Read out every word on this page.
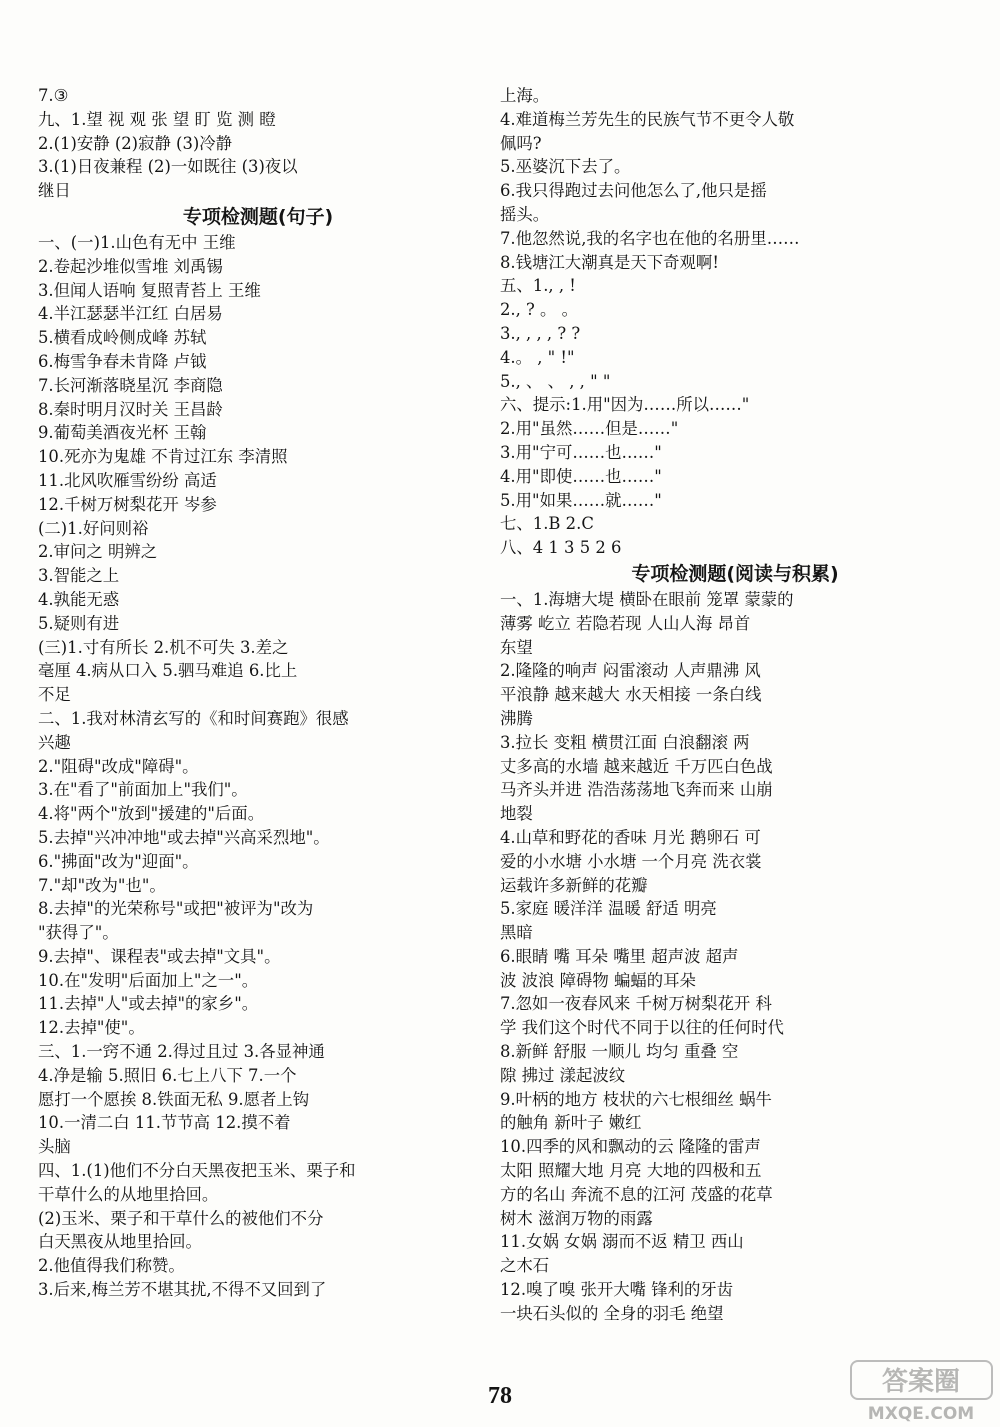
7.③
九、1.望 视 观 张 望 盯 览 测 瞪
2.(1)安静 (2)寂静 (3)冷静
3.(1)日夜兼程 (2)一如既往 (3)夜以
继日
专项检测题(句子)
一、(一)1.山色有无中 王维
2.卷起沙堆似雪堆 刘禹锡
3.但闻人语响 复照青苔上 王维
4.半江瑟瑟半江红 白居易
5.横看成岭侧成峰 苏轼
6.梅雪争春未肯降 卢钺
7.长河渐落晓星沉 李商隐
8.秦时明月汉时关 王昌龄
9.葡萄美酒夜光杯 王翰
10.死亦为鬼雄 不肯过江东 李清照
11.北风吹雁雪纷纷 高适
12.千树万树梨花开 岑参
(二)1.好问则裕
2.审问之 明辨之
3.智能之上
4.孰能无惑
5.疑则有进
(三)1.寸有所长 2.机不可失 3.差之
毫厘 4.病从口入 5.驷马难追 6.比上
不足
二、1.我对林清玄写的《和时间赛跑》很感
兴趣
2."阻碍"改成"障碍"。
3.在"看了"前面加上"我们"。
4.将"两个"放到"援建的"后面。
5.去掉"兴冲冲地"或去掉"兴高采烈地"。
6."拂面"改为"迎面"。
7."却"改为"也"。
8.去掉"的光荣称号"或把"被评为"改为
"获得了"。
9.去掉"、课程表"或去掉"文具"。
10.在"发明"后面加上"之一"。
11.去掉"人"或去掉"的家乡"。
12.去掉"使"。
三、1.一窍不通 2.得过且过 3.各显神通
4.净是输 5.照旧 6.七上八下 7.一个
愿打一个愿挨 8.铁面无私 9.愿者上钩
10.一清二白 11.节节高 12.摸不着
头脑
四、1.(1)他们不分白天黑夜把玉米、栗子和
干草什么的从地里拾回。
(2)玉米、栗子和干草什么的被他们不分
白天黑夜从地里拾回。
2.他值得我们称赞。
3.后来,梅兰芳不堪其扰,不得不又回到了
上海。
4.难道梅兰芳先生的民族气节不更令人敬
佩吗?
5.巫婆沉下去了。
6.我只得跑过去问他怎么了,他只是摇
摇头。
7.他忽然说,我的名字也在他的名册里……
8.钱塘江大潮真是天下奇观啊!
五、1., , !
2., ? 。 。
3., , , , ? ?
4.。 , " !"
5., 、 、 , , " "
六、提示:1.用"因为……所以……"
2.用"虽然……但是……"
3.用"宁可……也……"
4.用"即使……也……"
5.用"如果……就……"
七、1.B 2.C
八、4 1 3 5 2 6
专项检测题(阅读与积累)
一、1.海塘大堤 横卧在眼前 笼罩 蒙蒙的
薄雾 屹立 若隐若现 人山人海 昂首
东望
2.隆隆的响声 闷雷滚动 人声鼎沸 风
平浪静 越来越大 水天相接 一条白线
沸腾
3.拉长 变粗 横贯江面 白浪翻滚 两
丈多高的水墙 越来越近 千万匹白色战
马齐头并进 浩浩荡荡地飞奔而来 山崩
地裂
4.山草和野花的香味 月光 鹅卵石 可
爱的小水塘 小水塘 一个月亮 洗衣裳
运载许多新鲜的花瓣
5.家庭 暖洋洋 温暖 舒适 明亮
黑暗
6.眼睛 嘴 耳朵 嘴里 超声波 超声
波 波浪 障碍物 蝙蝠的耳朵
7.忽如一夜春风来 千树万树梨花开 科
学 我们这个时代不同于以往的任何时代
8.新鲜 舒服 一顺儿 均匀 重叠 空
隙 拂过 漾起波纹
9.叶柄的地方 枝状的六七根细丝 蜗牛
的触角 新叶子 嫩红
10.四季的风和飘动的云 隆隆的雷声
太阳 照耀大地 月亮 大地的四极和五
方的名山 奔流不息的江河 茂盛的花草
树木 滋润万物的雨露
11.女娲 女娲 溺而不返 精卫 西山
之木石
12.嗅了嗅 张开大嘴 锋利的牙齿
一块石头似的 全身的羽毛 绝望
78	答案圈
MXQE.COM
